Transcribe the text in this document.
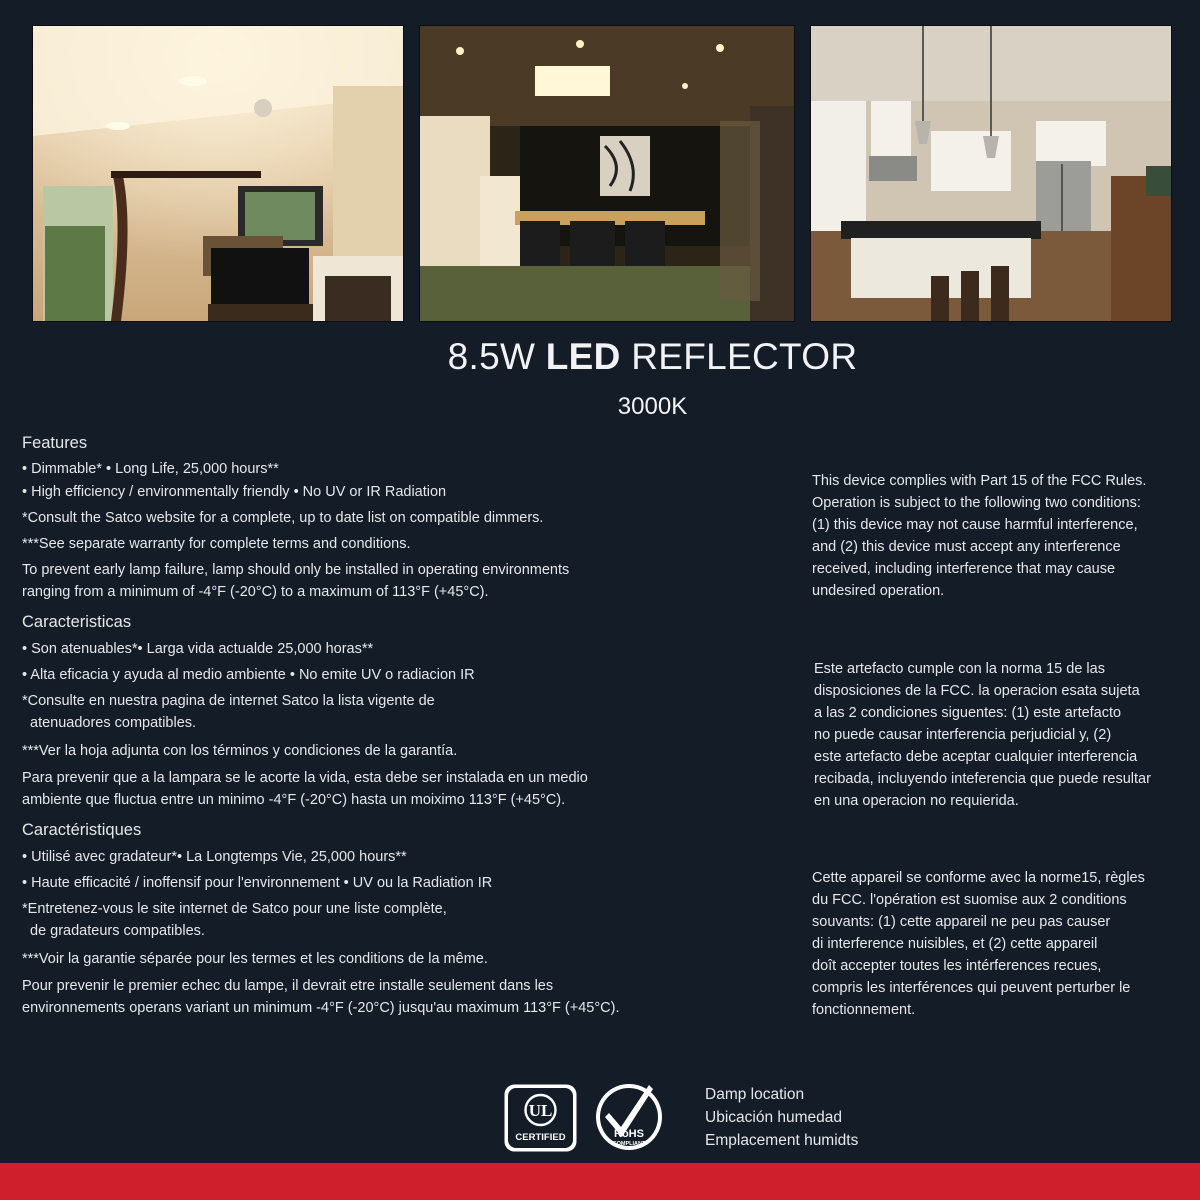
8.5W LED REFLECTOR
3000K
Features
• Dimmable* • Long Life, 25,000 hours**
• High efficiency / environmentally friendly • No UV or IR Radiation
*Consult the Satco website for a complete, up to date list on compatible dimmers.
***See separate warranty for complete terms and conditions.
To prevent early lamp failure, lamp should only be installed in operating environments
ranging from a minimum of -4°F (-20°C) to a maximum of 113°F (+45°C).
Caracteristicas
• Son atenuables*• Larga vida actualde 25,000 horas**
• Alta eficacia y ayuda al medio ambiente • No emite UV o radiacion IR
*Consulte en nuestra pagina de internet Satco la lista vigente de
atenuadores compatibles.
***Ver la hoja adjunta con los términos y condiciones de la garantía.
Para prevenir que a la lampara se le acorte la vida, esta debe ser instalada en un medio
ambiente que fluctua entre un minimo -4°F (-20°C) hasta un moiximo 113°F (+45°C).
Caractéristiques
• Utilisé avec gradateur*• La Longtemps Vie, 25,000 hours**
• Haute efficacité / inoffensif pour l'environnement • UV ou la Radiation IR
*Entretenez-vous le site internet de Satco pour une liste complète,
de gradateurs compatibles.
***Voir la garantie séparée pour les termes et les conditions de la même.
Pour prevenir le premier echec du lampe, il devrait etre installe seulement dans les
environnements operans variant un minimum -4°F (-20°C) jusqu'au maximum 113°F (+45°C).
This device complies with Part 15 of the FCC Rules.
Operation is subject to the following two conditions:
(1) this device may not cause harmful interference,
and (2) this device must accept any interference
received, including interference that may cause
undesired operation.
Este artefacto cumple con la norma 15 de las
disposiciones de la FCC. la operacion esata sujeta
a las 2 condiciones siguentes: (1) este artefacto
no puede causar interferencia perjudicial y, (2)
este artefacto debe aceptar cualquier interferencia
recibada, incluyendo inteferencia que puede resultar
en una operacion no requierida.
Cette appareil se conforme avec la norme15, règles
du FCC. l'opération est suomise aux 2 conditions
souvants: (1) cette appareil ne peu pas causer
di interference nuisibles, et (2) cette appareil
doît accepter toutes les intérferences recues,
compris les interférences qui peuvent perturber le
fonctionnement.
UL
CERTIFIED	RoHS
COMPLIANT
Damp location
Ubicación humedad
Emplacement humidts
